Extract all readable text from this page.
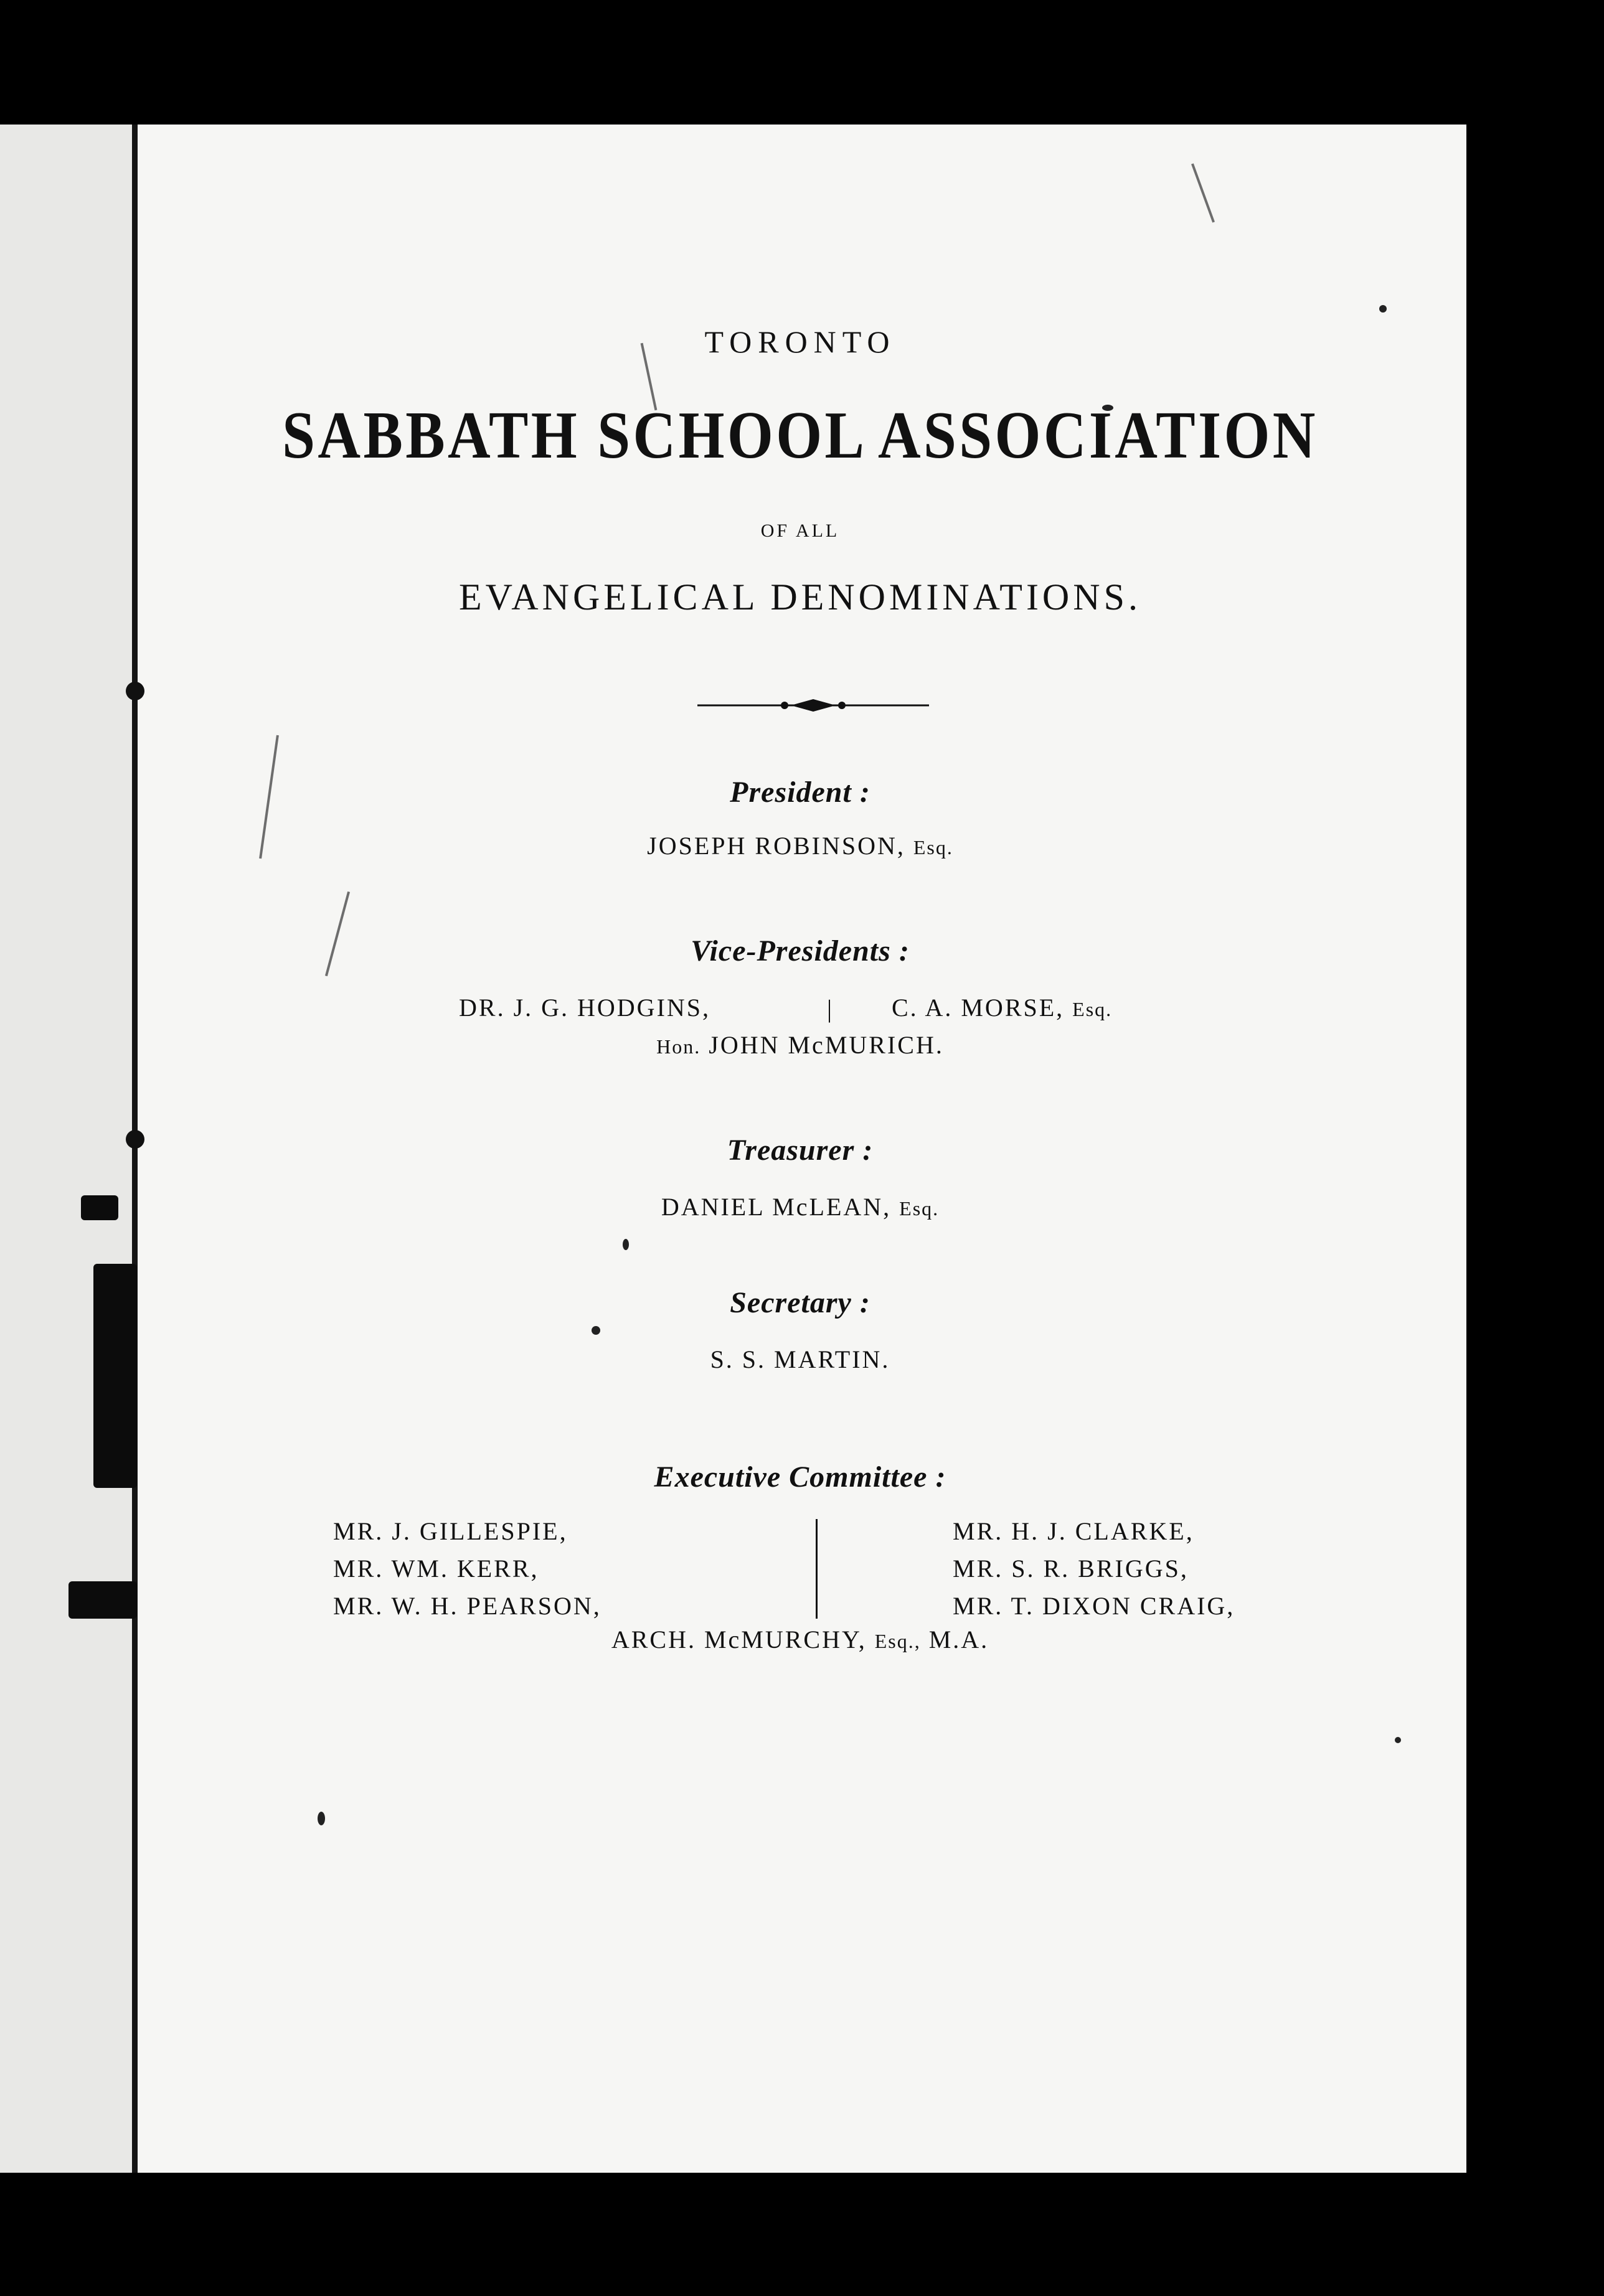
TORONTO

SABBATH SCHOOL ASSOCIATION

OF ALL

EVANGELICAL DENOMINATIONS.

President :

JOSEPH ROBINSON, Esq.

Vice-Presidents :

DR. J. G. HODGINS,	| C. A. MORSE, Esq.

Hon. JOHN McMURICH.

Treasurer :

DANIEL McLEAN, Esq.

Secretary :

S. S. MARTIN.

Executive Committee :

MR. J. GILLESPIE,
MR. WM. KERR,
MR. W. H. PEARSON,
MR. H. J. CLARKE,
MR. S. R. BRIGGS,
MR. T. DIXON CRAIG,

ARCH. McMURCHY, Esq., M.A.
